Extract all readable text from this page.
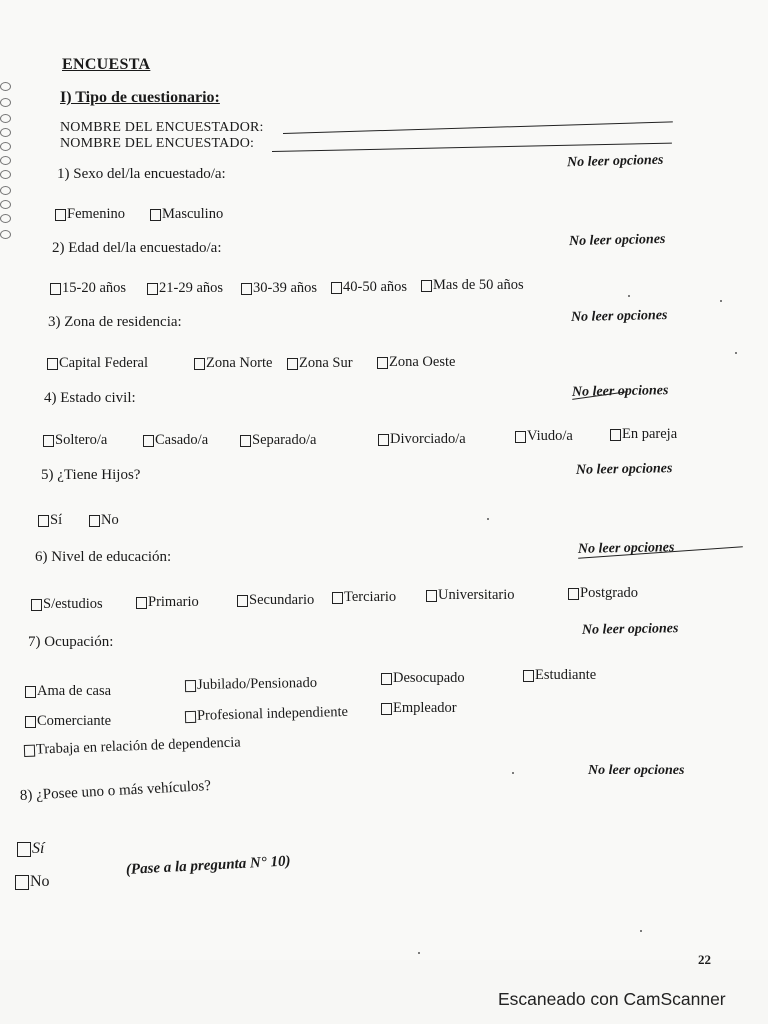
ENCUESTA
I) Tipo de cuestionario:
NOMBRE DEL ENCUESTADOR:
NOMBRE DEL ENCUESTADO:
1) Sexo del/la encuestado/a:
No leer opciones
Femenino	Masculino
2) Edad del/la encuestado/a:	No leer opciones
15-20 años 21-29 años 30-39 años 40-50 años Mas de 50 años
3) Zona de residencia:	No leer opciones
Capital Federal	Zona Norte Zona Sur	Zona Oeste
4) Estado civil:	No leer opciones
Soltero/a	Casado/a	Separado/a	Divorciado/a	Viudo/a	En pareja
5) ¿Tiene Hijos?	No leer opciones
Sí	No
6) Nivel de educación:
No leer opciones
S/estudios	Primario	Secundario Terciario	Universitario	Postgrado
7) Ocupación:
No leer opciones
Ama de casa	Jubilado/Pensionado	Desocupado	Estudiante
Comerciante	Profesional independiente	Empleador
Trabaja en relación de dependencia
8) ¿Posee uno o más vehículos?
No leer opciones
Sí
No
(Pase a la pregunta N° 10)
22
Escaneado con CamScanner
